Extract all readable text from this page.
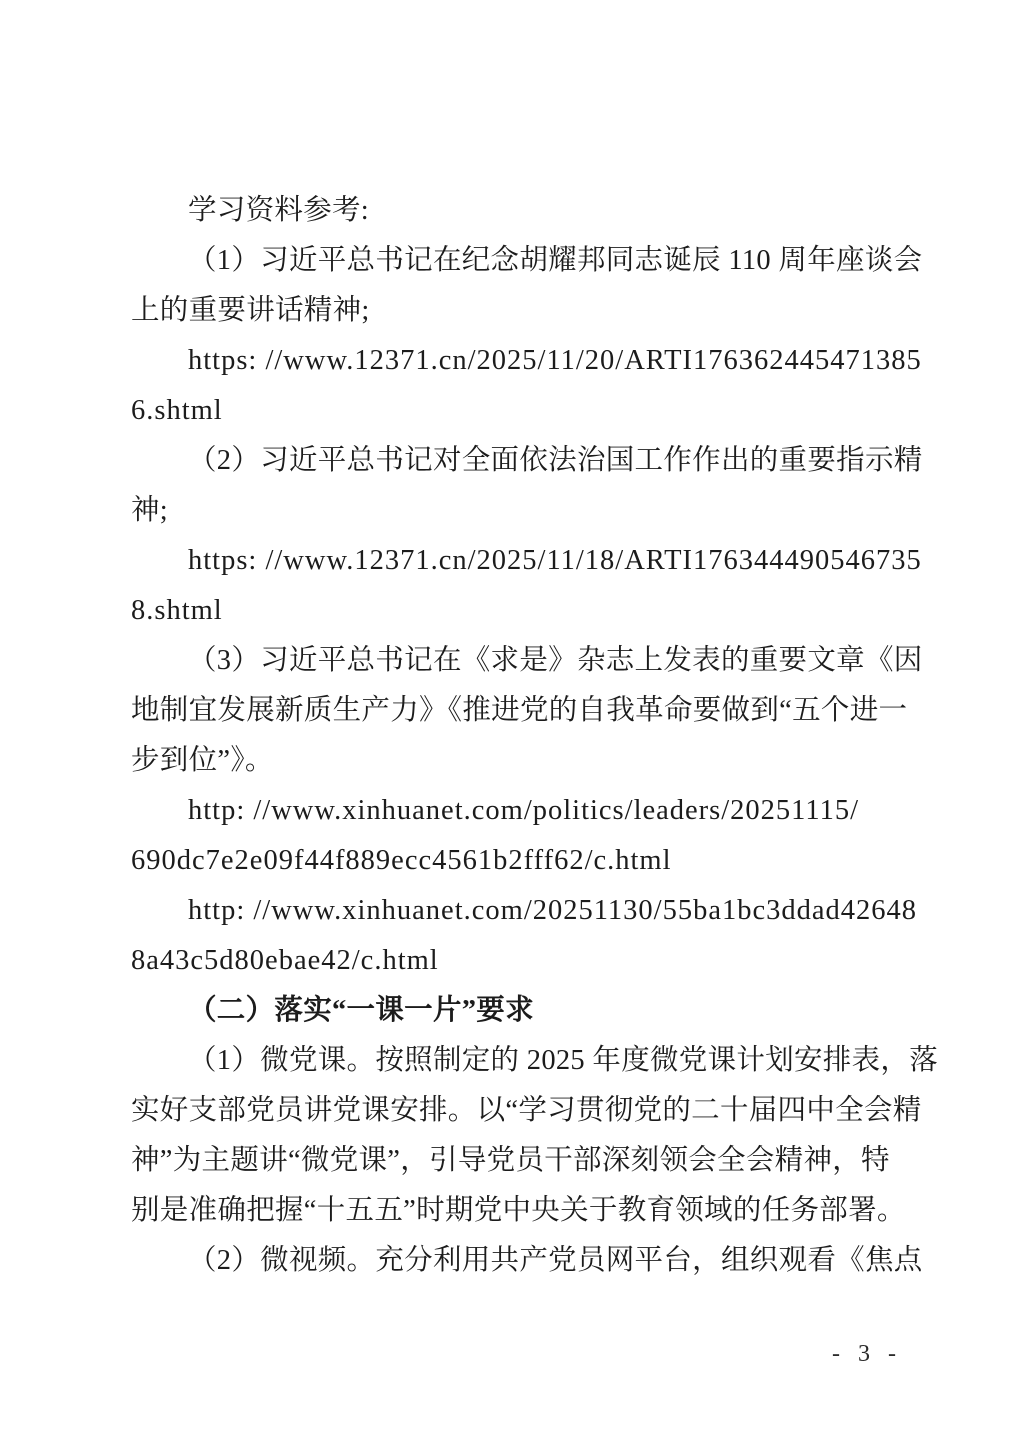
学习资料参考:
（1）习近平总书记在纪念胡耀邦同志诞辰 110 周年座谈会
上的重要讲话精神;
https: //www.12371.cn/2025/11/20/ARTI176362445471385
6.shtml
（2）习近平总书记对全面依法治国工作作出的重要指示精
神;
https: //www.12371.cn/2025/11/18/ARTI176344490546735
8.shtml
（3）习近平总书记在《求是》杂志上发表的重要文章《因
地制宜发展新质生产力》《推进党的自我革命要做到“五个进一
步到位”》。
http: //www.xinhuanet.com/politics/leaders/20251115/
690dc7e2e09f44f889ecc4561b2fff62/c.html
http: //www.xinhuanet.com/20251130/55ba1bc3ddad42648
8a43c5d80ebae42/c.html
（二）落实“一课一片”要求
（1）微党课。按照制定的 2025 年度微党课计划安排表，落
实好支部党员讲党课安排。以“学习贯彻党的二十届四中全会精
神”为主题讲“微党课”，引导党员干部深刻领会全会精神，特
别是准确把握“十五五”时期党中央关于教育领域的任务部署。
（2）微视频。充分利用共产党员网平台，组织观看《焦点
- 3 -
